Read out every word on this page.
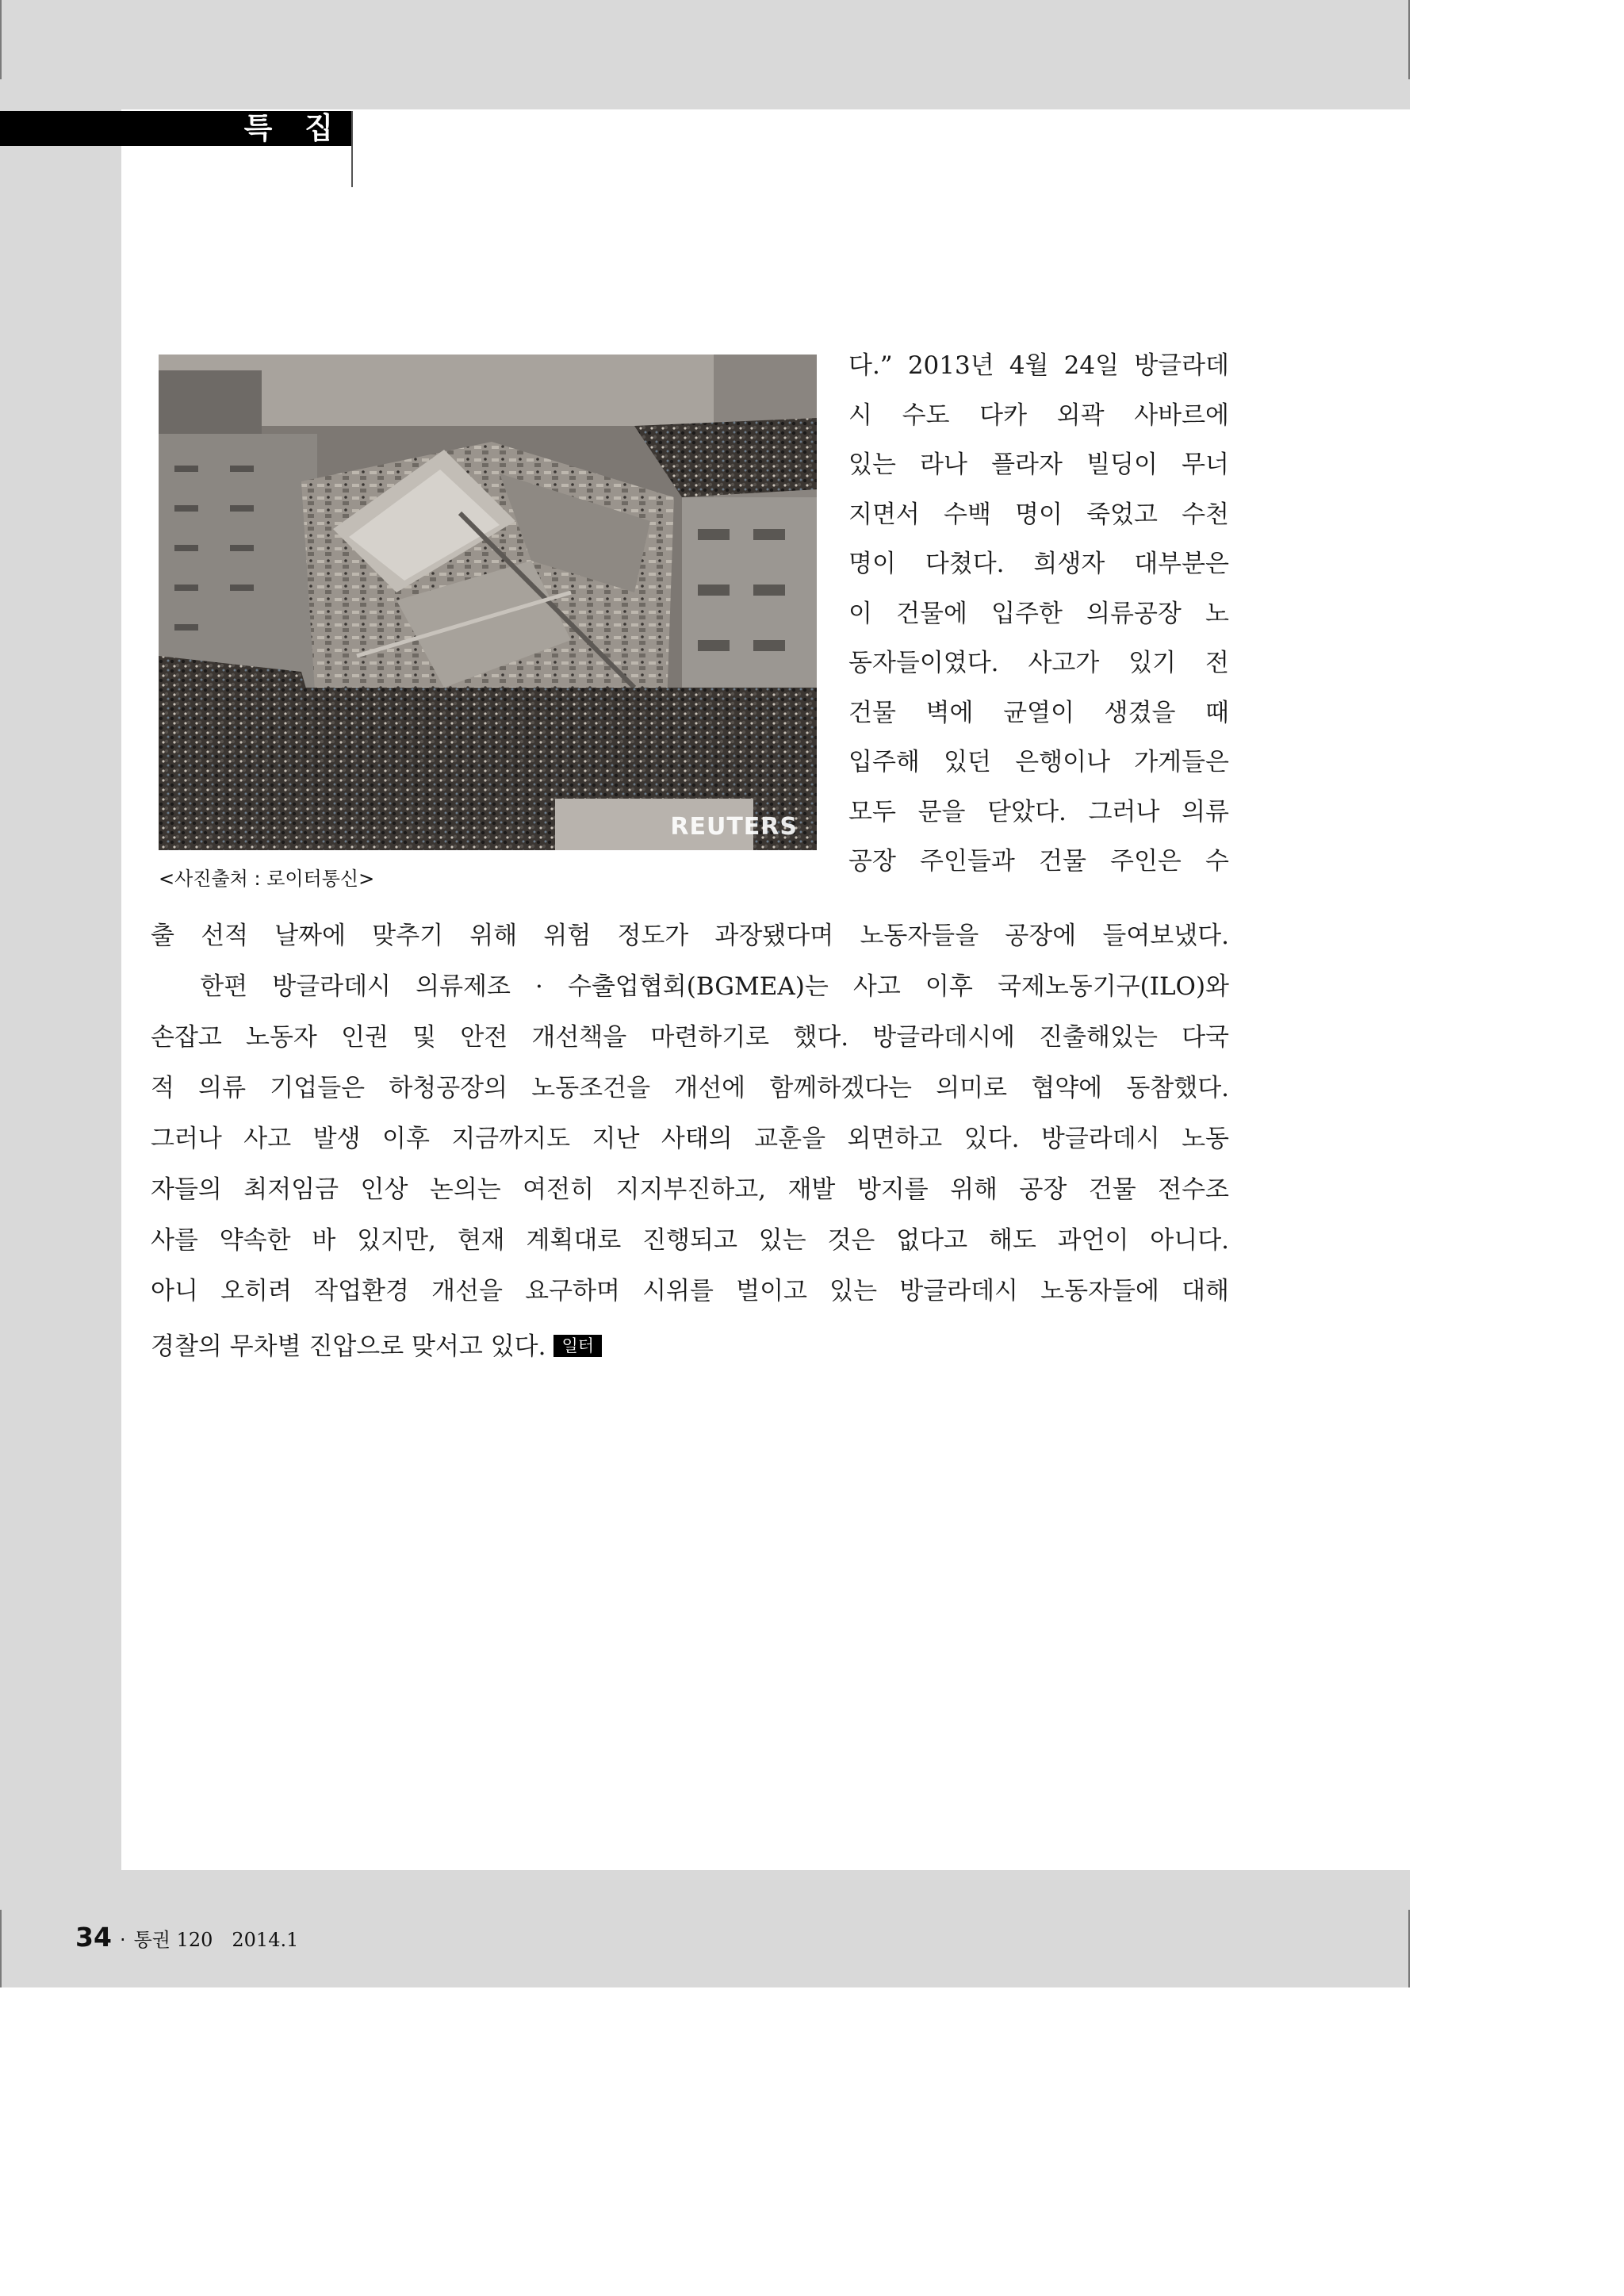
특 집
REUTERS
<사진출처 : 로이터통신>
다.” 2013년 4월 24일 방글라데
시 수도 다카 외곽 사바르에
있는 라나 플라자 빌딩이 무너
지면서 수백 명이 죽었고 수천
명이 다쳤다. 희생자 대부분은
이 건물에 입주한 의류공장 노
동자들이였다. 사고가 있기 전
건물 벽에 균열이 생겼을 때
입주해 있던 은행이나 가게들은
모두 문을 닫았다. 그러나 의류
공장 주인들과 건물 주인은 수
출 선적 날짜에 맞추기 위해 위험 정도가 과장됐다며 노동자들을 공장에 들여보냈다.
한편 방글라데시 의류제조 · 수출업협회(BGMEA)는 사고 이후 국제노동기구(ILO)와
손잡고 노동자 인권 및 안전 개선책을 마련하기로 했다. 방글라데시에 진출해있는 다국
적 의류 기업들은 하청공장의 노동조건을 개선에 함께하겠다는 의미로 협약에 동참했다.
그러나 사고 발생 이후 지금까지도 지난 사태의 교훈을 외면하고 있다. 방글라데시 노동
자들의 최저임금 인상 논의는 여전히 지지부진하고, 재발 방지를 위해 공장 건물 전수조
사를 약속한 바 있지만, 현재 계획대로 진행되고 있는 것은 없다고 해도 과언이 아니다.
아니 오히려 작업환경 개선을 요구하며 시위를 벌이고 있는 방글라데시 노동자들에 대해
경찰의 무차별 진압으로 맞서고 있다. 일터
34 · 통권 120 2014.1
